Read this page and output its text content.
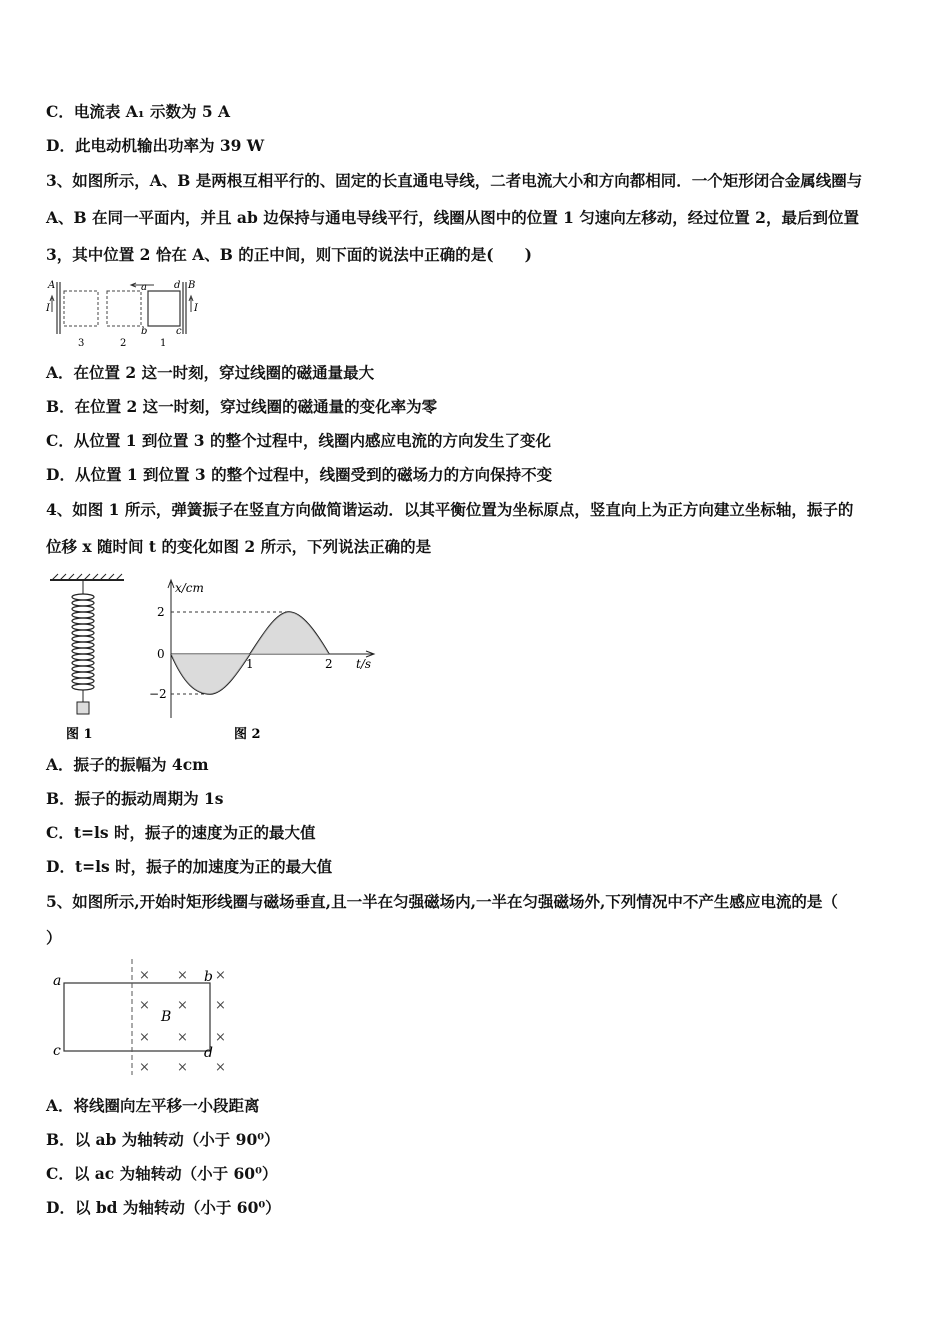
C．电流表 A₁ 示数为 5 A
D．此电动机输出功率为 39 W
3、如图所示，A、B 是两根互相平行的、固定的长直通电导线，二者电流大小和方向都相同．一个矩形闭合金属线圈与
A、B 在同一平面内，并且 ab 边保持与通电导线平行，线圈从图中的位置 1 匀速向左移动，经过位置 2，最后到位置
3，其中位置 2 恰在 A、B 的正中间，则下面的说法中正确的是(　　)
A
I
B
I
a
b
d
c
3	2	1
A．在位置 2 这一时刻，穿过线圈的磁通量最大
B．在位置 2 这一时刻，穿过线圈的磁通量的变化率为零
C．从位置 1 到位置 3 的整个过程中，线圈内感应电流的方向发生了变化
D．从位置 1 到位置 3 的整个过程中，线圈受到的磁场力的方向保持不变
4、如图 1 所示，弹簧振子在竖直方向做简谐运动．以其平衡位置为坐标原点，竖直向上为正方向建立坐标轴，振子的
位移 x 随时间 t 的变化如图 2 所示，下列说法正确的是
图 1
x/cm
t/s
2
0
−2
1	2
图 2
A．振子的振幅为 4cm
B．振子的振动周期为 1s
C．t=ls 时，振子的速度为正的最大值
D．t=ls 时，振子的加速度为正的最大值
5、如图所示,开始时矩形线圈与磁场垂直,且一半在匀强磁场内,一半在匀强磁场外,下列情况中不产生感应电流的是（
）
× × ×
× × ×
× × ×
× × ×
a	b
c	d
B
A．将线圈向左平移一小段距离
B．以 ab 为轴转动（小于 90⁰）
C．以 ac 为轴转动（小于 60⁰）
D．以 bd 为轴转动（小于 60⁰）
